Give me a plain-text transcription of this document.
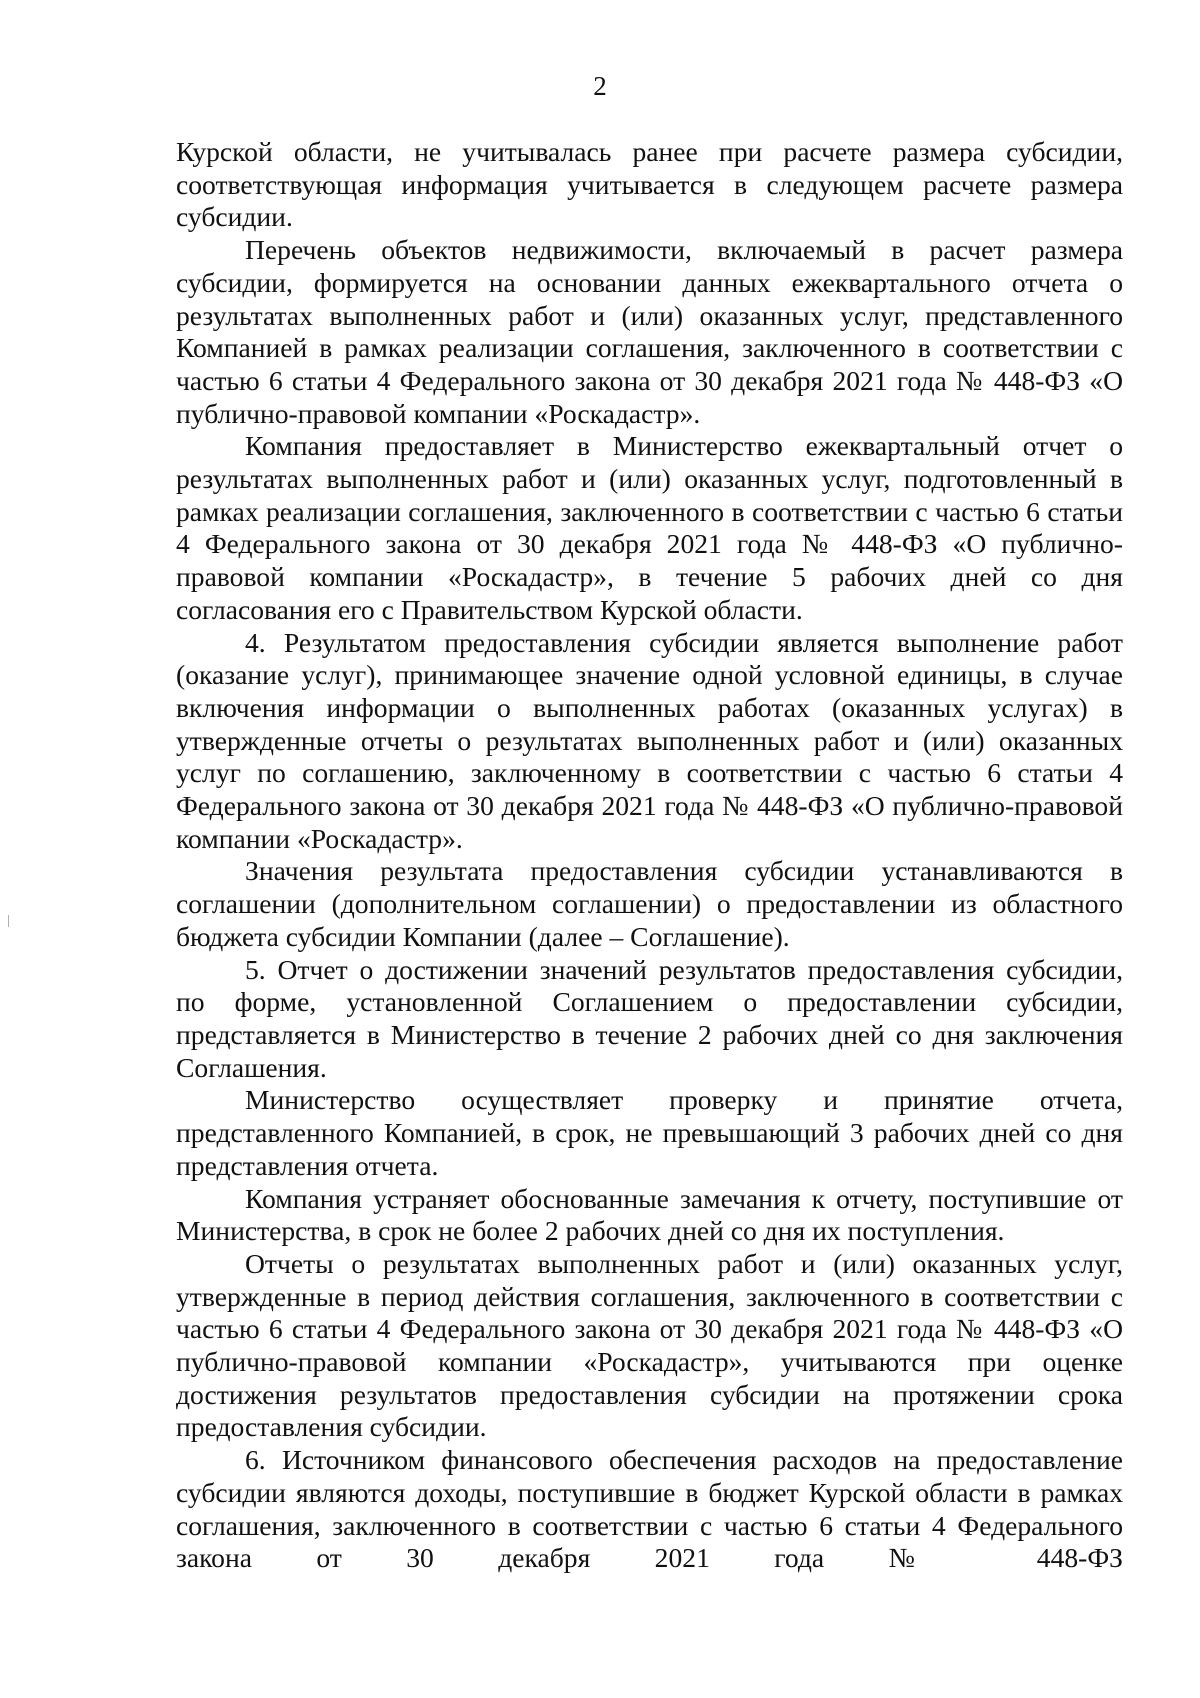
2

Курской области, не учитывалась ранее при расчете размера субсидии, соответствующая информация учитывается в следующем расчете размера субсидии.

Перечень объектов недвижимости, включаемый в расчет размера субсидии, формируется на основании данных ежеквартального отчета о результатах выполненных работ и (или) оказанных услуг, представленного Компанией в рамках реализации соглашения, заключенного в соответствии с частью 6 статьи 4 Федерального закона от 30 декабря 2021 года № 448-ФЗ «О публично-правовой компании «Роскадастр».

Компания предоставляет в Министерство ежеквартальный отчет о результатах выполненных работ и (или) оказанных услуг, подготовленный в рамках реализации соглашения, заключенного в соответствии с частью 6 статьи 4 Федерального закона от 30 декабря 2021 года № 448-ФЗ «О публично-правовой компании «Роскадастр», в течение 5 рабочих дней со дня согласования его с Правительством Курской области.

4. Результатом предоставления субсидии является выполнение работ (оказание услуг), принимающее значение одной условной единицы, в случае включения информации о выполненных работах (оказанных услугах) в утвержденные отчеты о результатах выполненных работ и (или) оказанных услуг по соглашению, заключенному в соответствии с частью 6 статьи 4 Федерального закона от 30 декабря 2021 года № 448-ФЗ «О публично-правовой компании «Роскадастр».

Значения результата предоставления субсидии устанавливаются в соглашении (дополнительном соглашении) о предоставлении из областного бюджета субсидии Компании (далее – Соглашение).

5. Отчет о достижении значений результатов предоставления субсидии, по форме, установленной Соглашением о предоставлении субсидии, представляется в Министерство в течение 2 рабочих дней со дня заключения Соглашения.

Министерство осуществляет проверку и принятие отчета, представленного Компанией, в срок, не превышающий 3 рабочих дней со дня представления отчета.

Компания устраняет обоснованные замечания к отчету, поступившие от Министерства, в срок не более 2 рабочих дней со дня их поступления.

Отчеты о результатах выполненных работ и (или) оказанных услуг, утвержденные в период действия соглашения, заключенного в соответствии с частью 6 статьи 4 Федерального закона от 30 декабря 2021 года № 448-ФЗ «О публично-правовой компании «Роскадастр», учитываются при оценке достижения результатов предоставления субсидии на протяжении срока предоставления субсидии.

6. Источником финансового обеспечения расходов на предоставление субсидии являются доходы, поступившие в бюджет Курской области в рамках соглашения, заключенного в соответствии с частью 6 статьи 4 Федерального закона от 30 декабря 2021 года № 448-ФЗ
